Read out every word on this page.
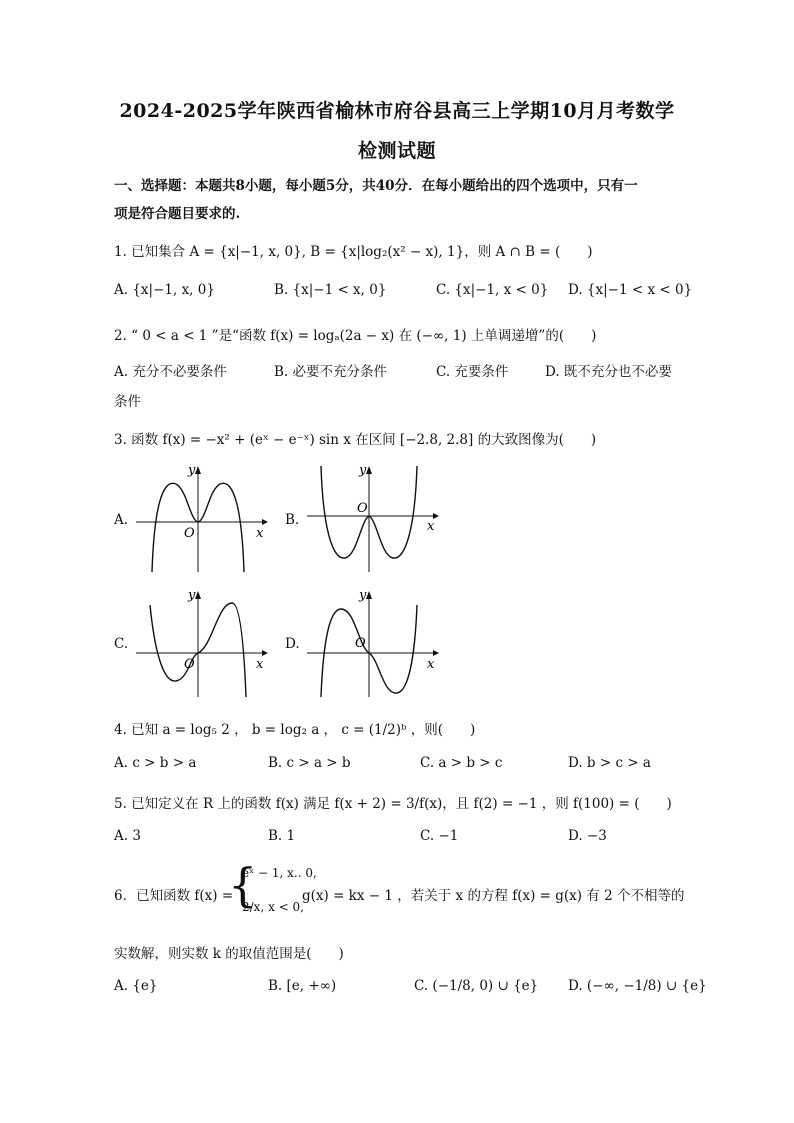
2024-2025学年陕西省榆林市府谷县高三上学期10月月考数学
检测试题
一、选择题：本题共8小题，每小题5分，共40分．在每小题给出的四个选项中，只有一
项是符合题目要求的.
1. 已知集合 A = {x|−1, x, 0}, B = {x|log₂(x² − x), 1}，则 A ∩ B = (　　)
A. {x|−1, x, 0}	B. {x|−1 < x, 0}	C. {x|−1, x < 0} D. {x|−1 < x < 0}
2. “ 0 < a < 1 ”是“函数 f(x) = logₐ(2a − x) 在 (−∞, 1) 上单调递增”的(　　)
A. 充分不必要条件	B. 必要不充分条件	C. 充要条件	D. 既不充分也不必要
条件
3. 函数 f(x) = −x² + (eˣ − e⁻ˣ) sin x 在区间 [−2.8, 2.8] 的大致图像为(　　)
A.	B.
C.	D.
x
y
O	x
y
O
x
y
O	x
y
O
4. 已知 a = log₅ 2 ， b = log₂ a ， c = (1/2)ᵇ ，则(　　)
A. c > b > a	B. c > a > b	C. a > b > c	D. b > c > a
5. 已知定义在 R 上的函数 f(x) 满足 f(x + 2) = 3/f(x)，且 f(2) = −1 ，则 f(100) = (　　)
A. 3	B. 1	C. −1	D. −3
6．已知函数 f(x) =
{
eˣ − 1, x.. 0,
2/x, x < 0,
g(x) = kx − 1 ，若关于 x 的方程 f(x) = g(x) 有 2 个不相等的
实数解，则实数 k 的取值范围是(　　)
A. {e}	B. [e, +∞)	C. (−1/8, 0) ∪ {e} D. (−∞, −1/8) ∪ {e}
